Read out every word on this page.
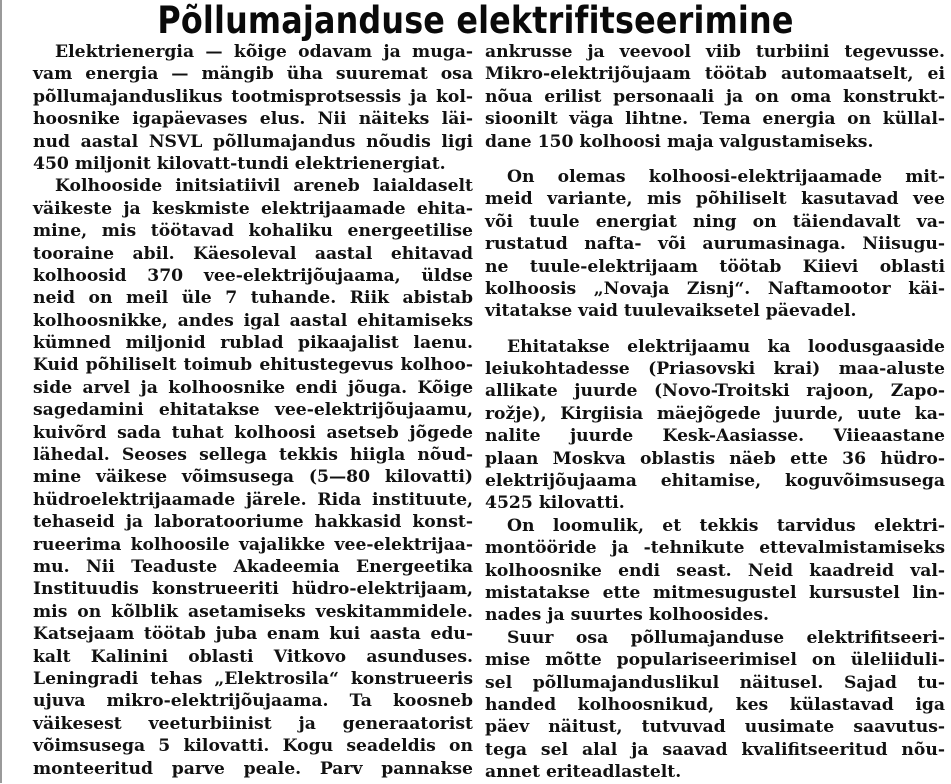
Põllumajanduse elektrifitseerimine
Elektrienergia — kõige odavam ja muga-
vam energia — mängib üha suuremat osa
põllumajanduslikus tootmisprotsessis ja kol-
hoosnike igapäevases elus. Nii näiteks läi-
nud aastal NSVL põllumajandus nõudis ligi
450 miljonit kilovatt-tundi elektrienergiat.
Kolhooside initsiatiivil areneb laialdaselt
väikeste ja keskmiste elektrijaamade ehita-
mine, mis töötavad kohaliku energeetilise
tooraine abil. Käesoleval aastal ehitavad
kolhoosid 370 vee-elektrijõujaama, üldse
neid on meil üle 7 tuhande. Riik abistab
kolhoosnikke, andes igal aastal ehitamiseks
kümned miljonid rublad pikaajalist laenu.
Kuid põhiliselt toimub ehitustegevus kolhoo-
side arvel ja kolhoosnike endi jõuga. Kõige
sagedamini ehitatakse vee-elektrijõujaamu,
kuivõrd sada tuhat kolhoosi asetseb jõgede
lähedal. Seoses sellega tekkis hiigla nõud-
mine väikese võimsusega (5—80 kilovatti)
hüdroelektrijaamade järele. Rida instituute,
tehaseid ja laboratooriume hakkasid konst-
rueerima kolhoosile vajalikke vee-elektrijaa-
mu. Nii Teaduste Akadeemia Energeetika
Instituudis konstrueeriti hüdro-elektrijaam,
mis on kõlblik asetamiseks veskitammidele.
Katsejaam töötab juba enam kui aasta edu-
kalt Kalinini oblasti Vitkovo asunduses.
Leningradi tehas „Elektrosila“ konstrueeris
ujuva mikro-elektrijõujaama. Ta koosneb
väikesest veeturbiinist ja generaatorist
võimsusega 5 kilovatti. Kogu seadeldis on
monteeritud parve peale. Parv pannakse
ankrusse ja veevool viib turbiini tegevusse.
Mikro-elektrijõujaam töötab automaatselt, ei
nõua erilist personaali ja on oma konstrukt-
sioonilt väga lihtne. Tema energia on küllal-
dane 150 kolhoosi maja valgustamiseks.
On olemas kolhoosi-elektrijaamade mit-
meid variante, mis põhiliselt kasutavad vee
või tuule energiat ning on täiendavalt va-
rustatud nafta- või aurumasinaga. Niisugu-
ne tuule-elektrijaam töötab Kiievi oblasti
kolhoosis „Novaja Zisnj“. Naftamootor käi-
vitatakse vaid tuulevaiksetel päevadel.
Ehitatakse elektrijaamu ka loodusgaaside
leiukohtadesse (Priasovski krai) maa-aluste
allikate juurde (Novo-Troitski rajoon, Zapo-
rožje), Kirgiisia mäejõgede juurde, uute ka-
nalite juurde Kesk-Aasiasse. Viieaastane
plaan Moskva oblastis näeb ette 36 hüdro-
elektrijõujaama ehitamise, koguvõimsusega
4525 kilovatti.
On loomulik, et tekkis tarvidus elektri-
montööride ja -tehnikute ettevalmistamiseks
kolhoosnike endi seast. Neid kaadreid val-
mistatakse ette mitmesugustel kursustel lin-
nades ja suurtes kolhoosides.
Suur osa põllumajanduse elektrifitseeri-
mise mõtte populariseerimisel on üleliiduli-
sel põllumajanduslikul näitusel. Sajad tu-
handed kolhoosnikud, kes külastavad iga
päev näitust, tutvuvad uusimate saavutus-
tega sel alal ja saavad kvalifitseeritud nõu-
annet eriteadlastelt.
